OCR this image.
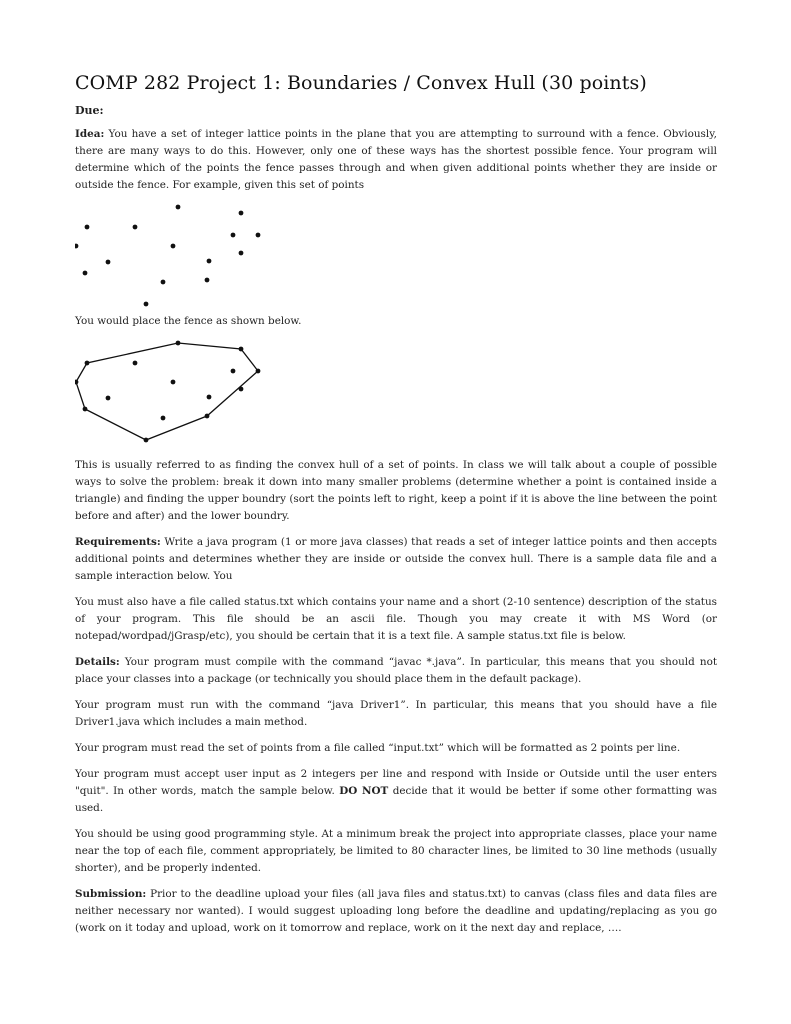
COMP 282 Project 1: Boundaries / Convex Hull (30 points)
Due:

Idea: You have a set of integer lattice points in the plane that you are attempting to surround with a fence. Obviously, there are many ways to do this. However, only one of these ways has the shortest possible fence. Your program will determine which of the points the fence passes through and when given additional points whether they are inside or outside the fence. For example, given this set of points

You would place the fence as shown below.

This is usually referred to as finding the convex hull of a set of points. In class we will talk about a couple of possible ways to solve the problem: break it down into many smaller problems (determine whether a point is contained inside a triangle) and finding the upper boundry (sort the points left to right, keep a point if it is above the line between the point before and after) and the lower boundry.

Requirements: Write a java program (1 or more java classes) that reads a set of integer lattice points and then accepts additional points and determines whether they are inside or outside the convex hull. There is a sample data file and a sample interaction below. You

You must also have a file called status.txt which contains your name and a short (2-10 sentence) description of the status of your program. This file should be an ascii file. Though you may create it with MS Word (or notepad/wordpad/jGrasp/etc), you should be certain that it is a text file. A sample status.txt file is below.

Details: Your program must compile with the command “javac *.java”. In particular, this means that you should not place your classes into a package (or technically you should place them in the default package).

Your program must run with the command “java Driver1”. In particular, this means that you should have a file Driver1.java which includes a main method.

Your program must read the set of points from a file called “input.txt” which will be formatted as 2 points per line.

Your program must accept user input as 2 integers per line and respond with Inside or Outside until the user enters "quit". In other words, match the sample below. DO NOT decide that it would be better if some other formatting was used.

You should be using good programming style. At a minimum break the project into appropriate classes, place your name near the top of each file, comment appropriately, be limited to 80 character lines, be limited to 30 line methods (usually shorter), and be properly indented.

Submission: Prior to the deadline upload your files (all java files and status.txt) to canvas (class files and data files are neither necessary nor wanted). I would suggest uploading long before the deadline and updating/replacing as you go (work on it today and upload, work on it tomorrow and replace, work on it the next day and replace, ….
